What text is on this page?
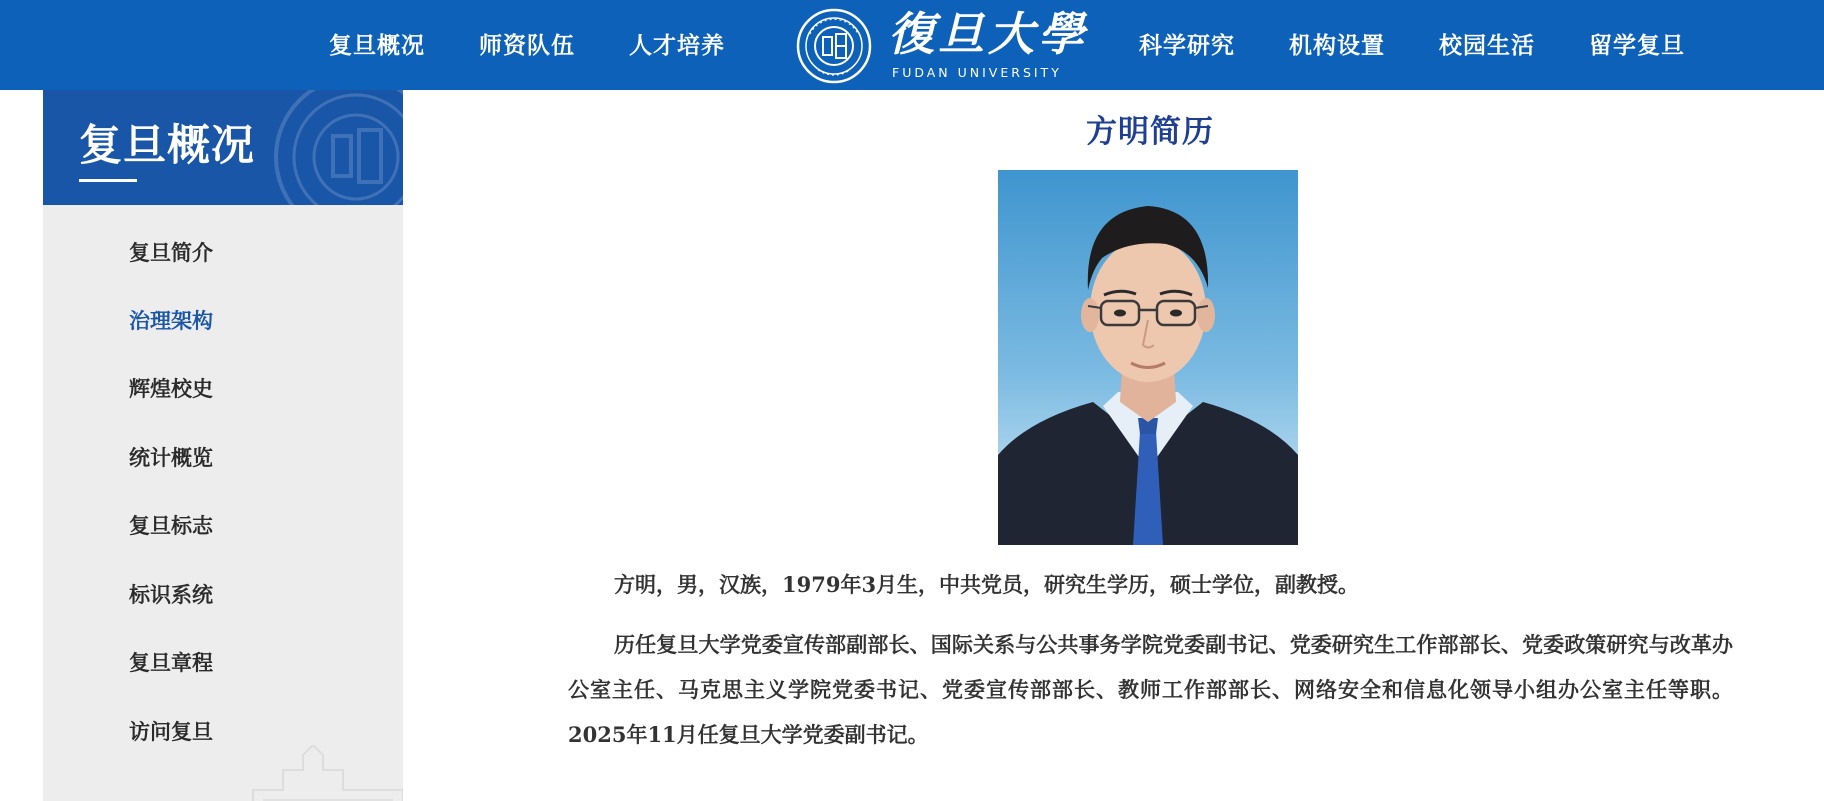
复旦概况 师资队伍 人才培养	復旦大學
FUDAN UNIVERSITY
科学研究 机构设置 校园生活 留学复旦
复旦概况
复旦简介
治理架构
辉煌校史
统计概览
复旦标志
标识系统
复旦章程
访问复旦
方明简历

方明，男，汉族，1979年3月生，中共党员，研究生学历，硕士学位，副教授。

历任复旦大学党委宣传部副部长、国际关系与公共事务学院党委副书记、党委研究生工作部部长、党委政策研究与改革办公室主任、马克思主义学院党委书记、党委宣传部部长、教师工作部部长、网络安全和信息化领导小组办公室主任等职。2025年11月任复旦大学党委副书记。
